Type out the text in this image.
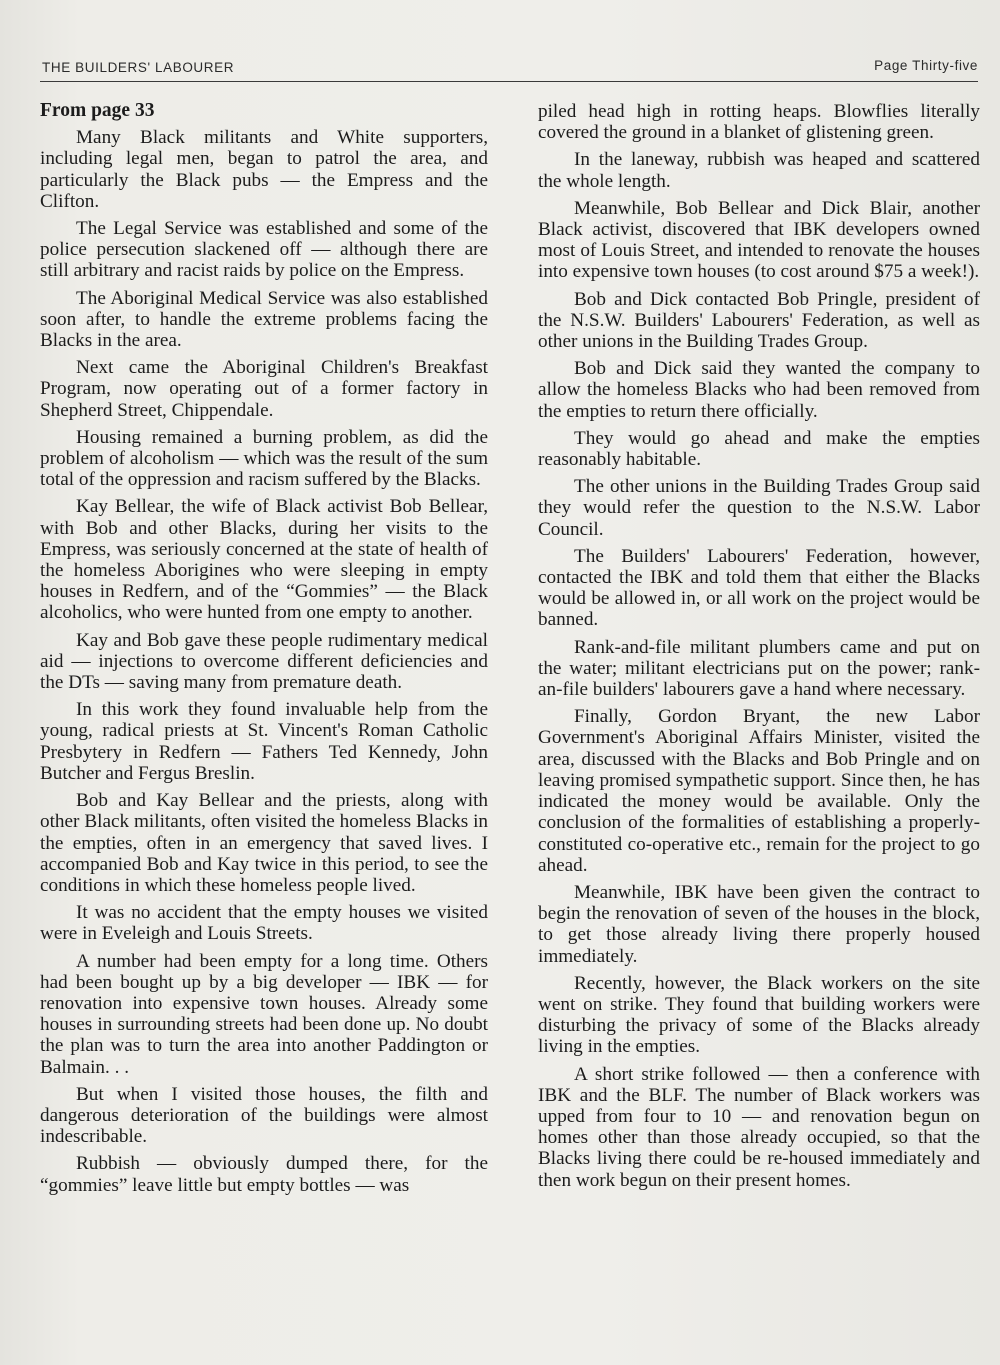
THE BUILDERS' LABOURER	Page Thirty-five
From page 33

Many Black militants and White supporters, including legal men, began to patrol the area, and particularly the Black pubs — the Empress and the Clifton.

The Legal Service was established and some of the police persecution slackened off — although there are still arbitrary and racist raids by police on the Empress.

The Aboriginal Medical Service was also established soon after, to handle the extreme problems facing the Blacks in the area.

Next came the Aboriginal Children's Breakfast Program, now operating out of a former factory in Shepherd Street, Chippendale.

Housing remained a burning problem, as did the problem of alcoholism — which was the result of the sum total of the oppression and racism suffered by the Blacks.

Kay Bellear, the wife of Black activist Bob Bellear, with Bob and other Blacks, during her visits to the Empress, was seriously concerned at the state of health of the homeless Aborigines who were sleeping in empty houses in Redfern, and of the “Gommies” — the Black alcoholics, who were hunted from one empty to another.

Kay and Bob gave these people rudimentary medical aid — injections to overcome different deficiencies and the DTs — saving many from premature death.

In this work they found invaluable help from the young, radical priests at St. Vincent's Roman Catholic Presbytery in Redfern — Fathers Ted Kennedy, John Butcher and Fergus Breslin.

Bob and Kay Bellear and the priests, along with other Black militants, often visited the homeless Blacks in the empties, often in an emergency that saved lives. I accompanied Bob and Kay twice in this period, to see the conditions in which these homeless people lived.

It was no accident that the empty houses we visited were in Eveleigh and Louis Streets.

A number had been empty for a long time. Others had been bought up by a big developer — IBK — for renovation into expensive town houses. Already some houses in surrounding streets had been done up. No doubt the plan was to turn the area into another Paddington or Balmain. . .

But when I visited those houses, the filth and dangerous deterioration of the buildings were almost indescribable.

Rubbish — obviously dumped there, for the “gommies” leave little but empty bottles — was

piled head high in rotting heaps. Blowflies literally covered the ground in a blanket of glistening green.

In the laneway, rubbish was heaped and scattered the whole length.

Meanwhile, Bob Bellear and Dick Blair, another Black activist, discovered that IBK developers owned most of Louis Street, and intended to renovate the houses into expensive town houses (to cost around $75 a week!).

Bob and Dick contacted Bob Pringle, president of the N.S.W. Builders' Labourers' Federation, as well as other unions in the Building Trades Group.

Bob and Dick said they wanted the company to allow the homeless Blacks who had been removed from the empties to return there officially.

They would go ahead and make the empties reasonably habitable.

The other unions in the Building Trades Group said they would refer the question to the N.S.W. Labor Council.

The Builders' Labourers' Federation, however, contacted the IBK and told them that either the Blacks would be allowed in, or all work on the project would be banned.

Rank-and-file militant plumbers came and put on the water; militant electricians put on the power; rank-an-file builders' labourers gave a hand where necessary.

Finally, Gordon Bryant, the new Labor Government's Aboriginal Affairs Minister, visited the area, discussed with the Blacks and Bob Pringle and on leaving promised sympathetic support. Since then, he has indicated the money would be available. Only the conclusion of the formalities of establishing a properly-constituted co-operative etc., remain for the project to go ahead.

Meanwhile, IBK have been given the contract to begin the renovation of seven of the houses in the block, to get those already living there properly housed immediately.

Recently, however, the Black workers on the site went on strike. They found that building workers were disturbing the privacy of some of the Blacks already living in the empties.

A short strike followed — then a conference with IBK and the BLF. The number of Black workers was upped from four to 10 — and renovation begun on homes other than those already occupied, so that the Blacks living there could be re-housed immediately and then work begun on their present homes.
